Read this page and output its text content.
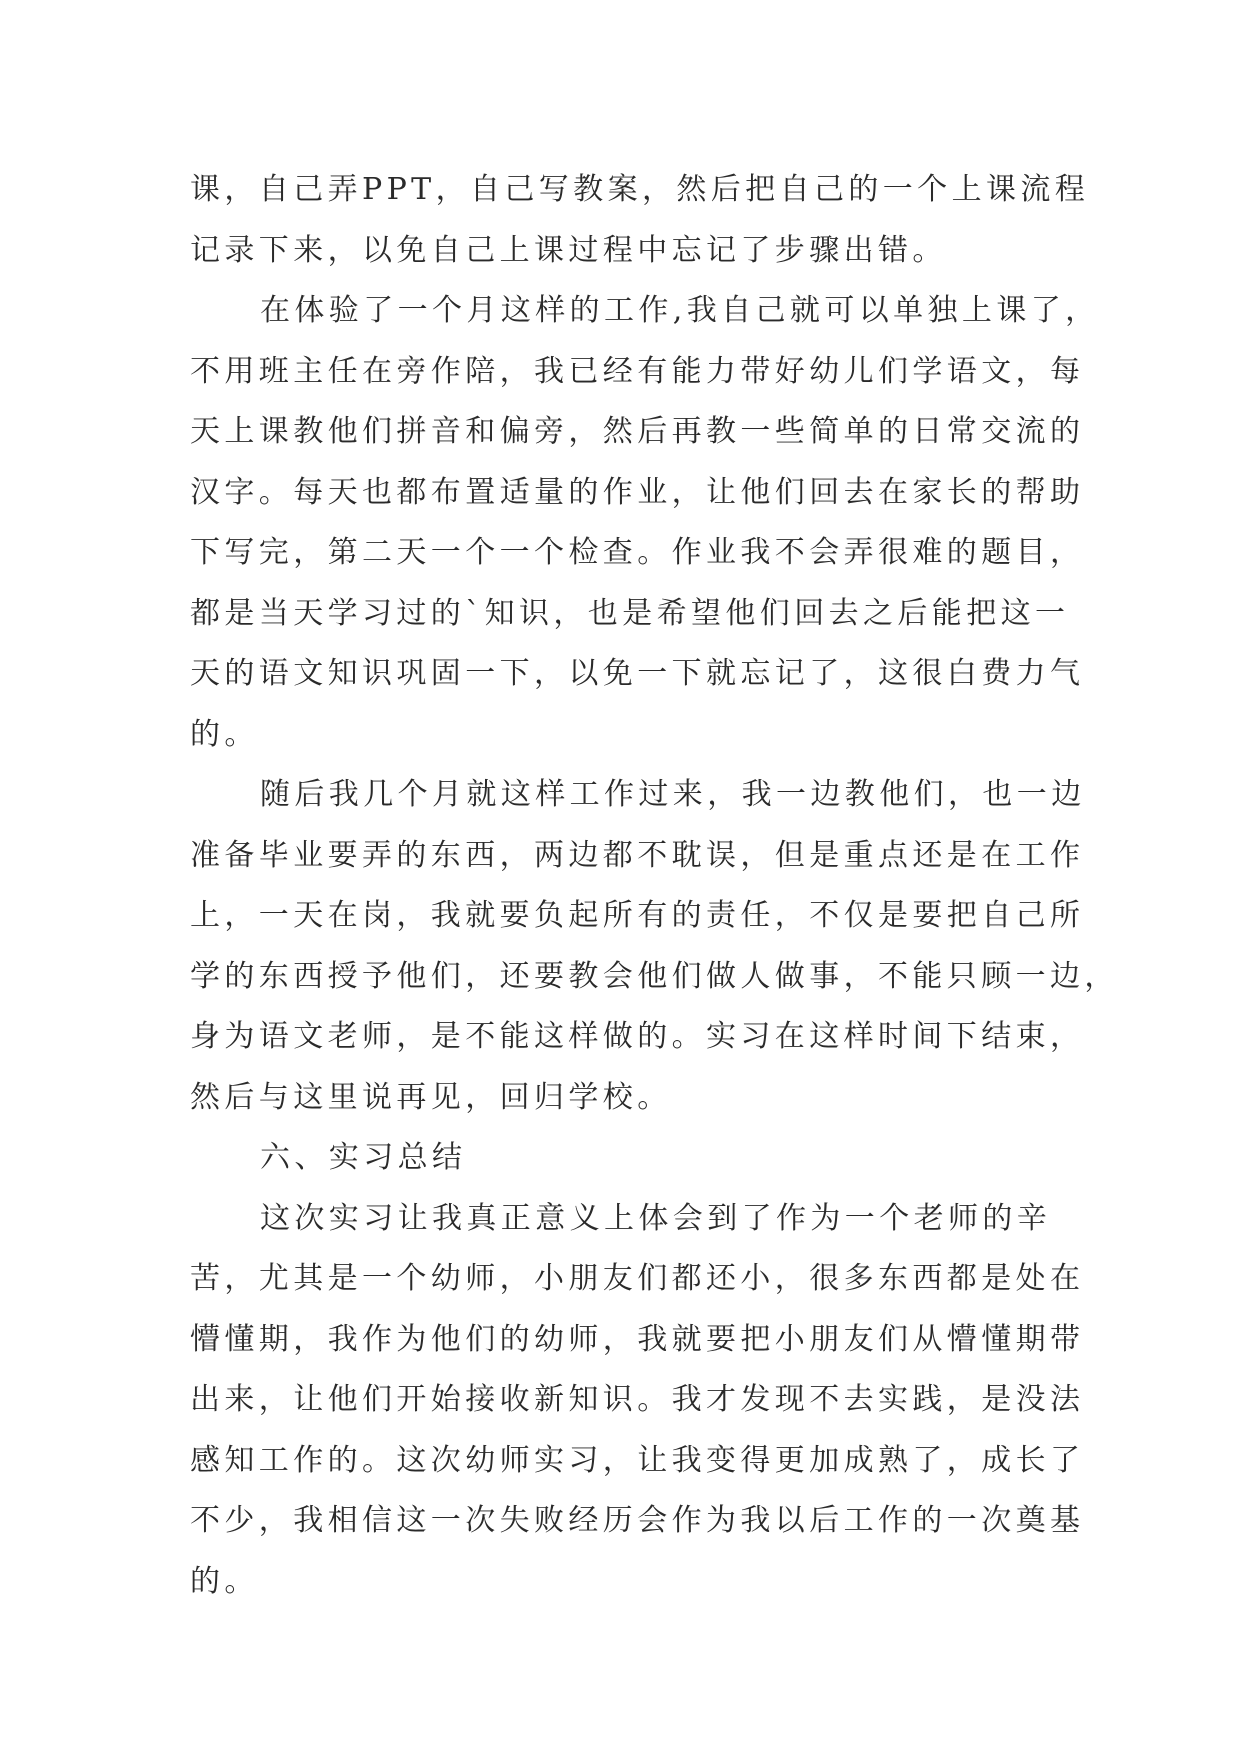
课，自己弄PPT，自己写教案，然后把自己的一个上课流程
记录下来，以免自己上课过程中忘记了步骤出错。
在体验了一个月这样的工作,我自己就可以单独上课了，
不用班主任在旁作陪，我已经有能力带好幼儿们学语文，每
天上课教他们拼音和偏旁，然后再教一些简单的日常交流的
汉字。每天也都布置适量的作业，让他们回去在家长的帮助
下写完，第二天一个一个检查。作业我不会弄很难的题目，
都是当天学习过的`知识，也是希望他们回去之后能把这一
天的语文知识巩固一下，以免一下就忘记了，这很白费力气
的。
随后我几个月就这样工作过来，我一边教他们，也一边
准备毕业要弄的东西，两边都不耽误，但是重点还是在工作
上，一天在岗，我就要负起所有的责任，不仅是要把自己所
学的东西授予他们，还要教会他们做人做事，不能只顾一边，
身为语文老师，是不能这样做的。实习在这样时间下结束，
然后与这里说再见，回归学校。
六、实习总结
这次实习让我真正意义上体会到了作为一个老师的辛
苦，尤其是一个幼师，小朋友们都还小，很多东西都是处在
懵懂期，我作为他们的幼师，我就要把小朋友们从懵懂期带
出来，让他们开始接收新知识。我才发现不去实践，是没法
感知工作的。这次幼师实习，让我变得更加成熟了，成长了
不少，我相信这一次失败经历会作为我以后工作的一次奠基
的。
